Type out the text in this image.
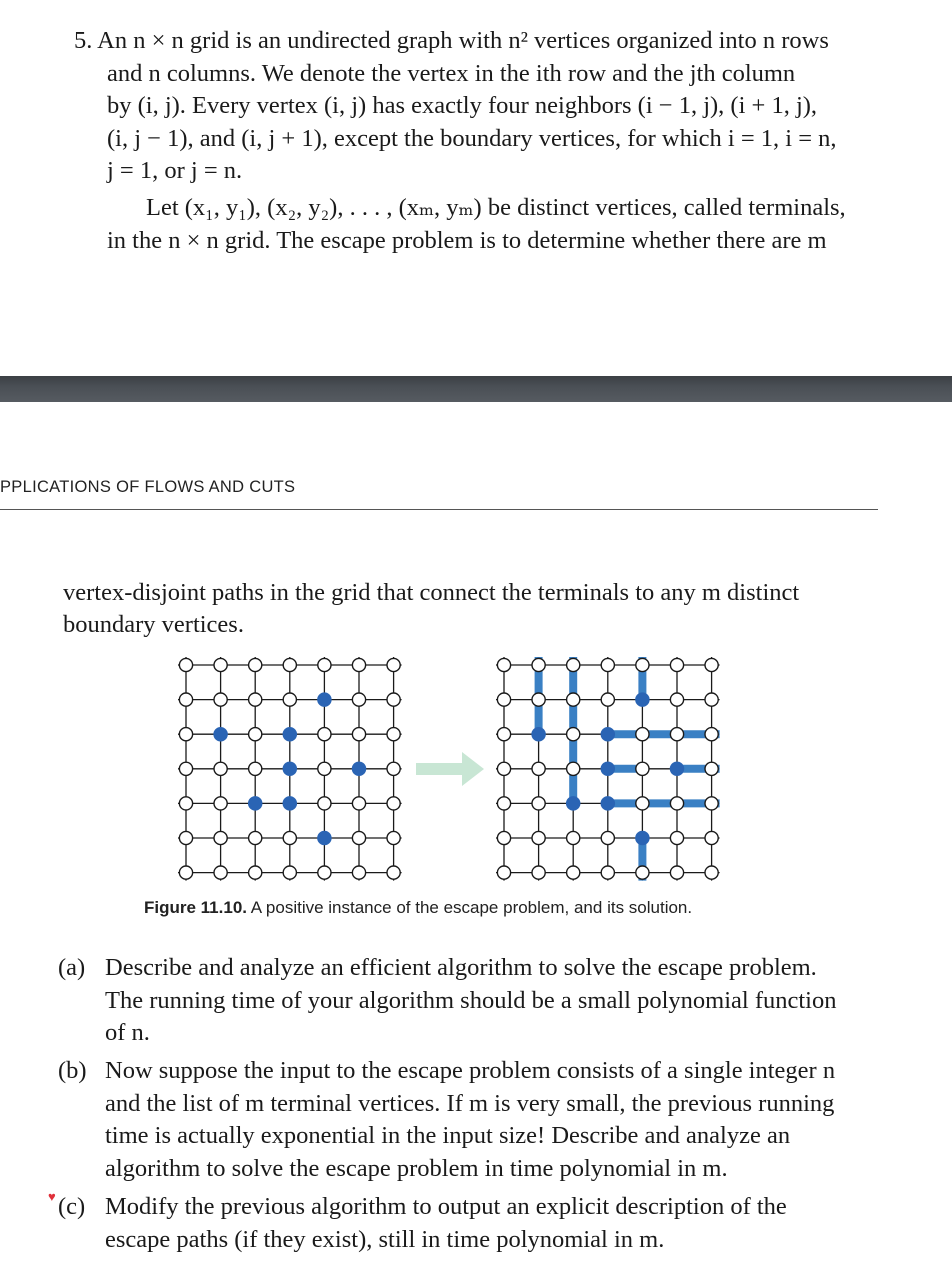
5. An n × n grid is an undirected graph with n² vertices organized into n rows

and n columns. We denote the vertex in the ith row and the jth column

by (i, j). Every vertex (i, j) has exactly four neighbors (i − 1, j), (i + 1, j),

(i, j − 1), and (i, j + 1), except the boundary vertices, for which i = 1, i = n,

j = 1, or j = n.

Let (x₁, y₁), (x₂, y₂), . . . , (xₘ, yₘ) be distinct vertices, called terminals,

in the n × n grid. The escape problem is to determine whether there are m

PPLICATIONS OF FLOWS AND CUTS

vertex-disjoint paths in the grid that connect the terminals to any m distinct

boundary vertices.

Figure 11.10. A positive instance of the escape problem, and its solution.
(a) Describe and analyze an efficient algorithm to solve the escape problem.
The running time of your algorithm should be a small polynomial function
of n.
(b) Now suppose the input to the escape problem consists of a single integer n
and the list of m terminal vertices. If m is very small, the previous running
time is actually exponential in the input size! Describe and analyze an
algorithm to solve the escape problem in time polynomial in m.
♥ (c) Modify the previous algorithm to output an explicit description of the
escape paths (if they exist), still in time polynomial in m.
